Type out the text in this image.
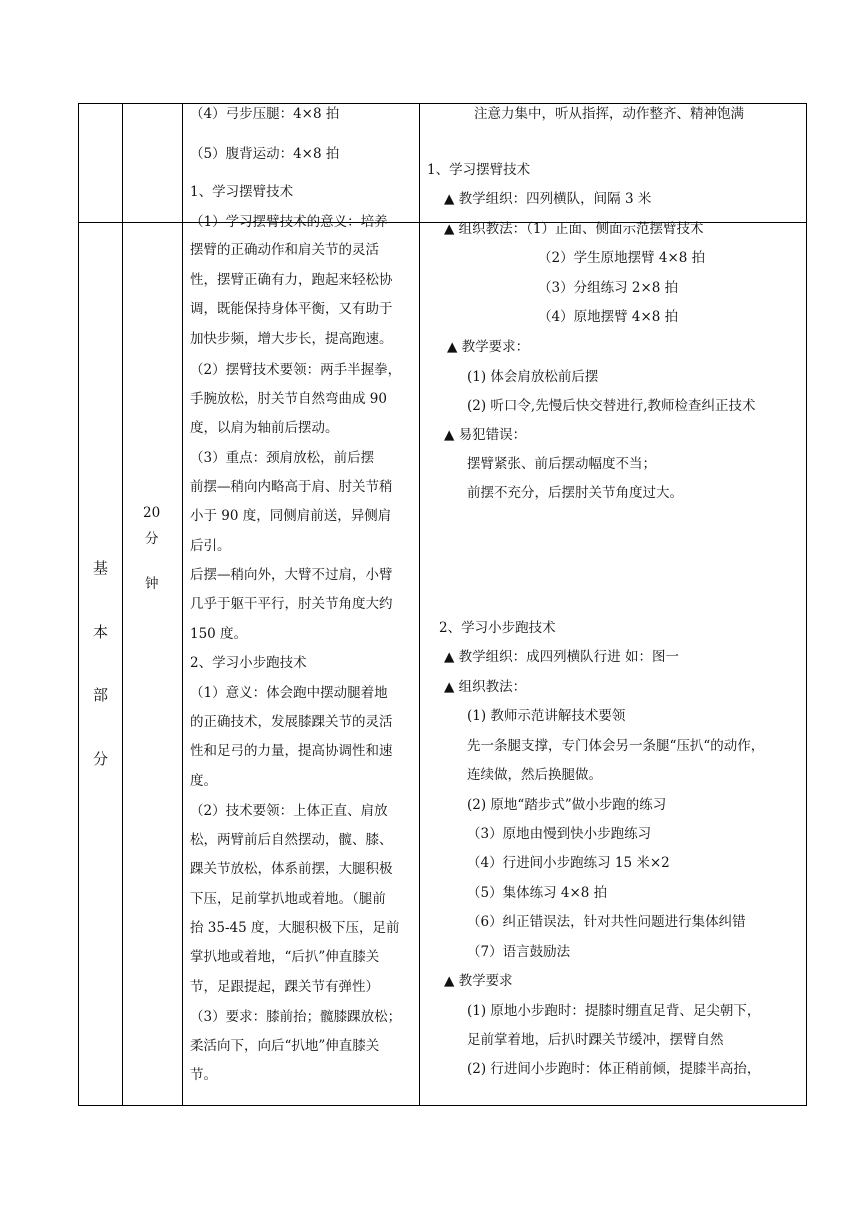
基
本
部
分
20
分
钟
（4）弓步压腿：4×8 拍
（5）腹背运动：4×8 拍
1、学习摆臂技术
（1）学习摆臂技术的意义：培养
摆臂的正确动作和肩关节的灵活
性，摆臂正确有力，跑起来轻松协
调，既能保持身体平衡，又有助于
加快步频，增大步长，提高跑速。
（2）摆臂技术要领：两手半握拳，
手腕放松，肘关节自然弯曲成 90
度，以肩为轴前后摆动。
（3）重点：颈肩放松，前后摆
前摆—稍向内略高于肩、肘关节稍
小于 90 度，同侧肩前送，异侧肩
后引。
后摆—稍向外，大臂不过肩，小臂
几乎于躯干平行，肘关节角度大约
150 度。
2、学习小步跑技术
（1）意义：体会跑中摆动腿着地
的正确技术，发展膝踝关节的灵活
性和足弓的力量，提高协调性和速
度。
（2）技术要领：上体正直、肩放
松，两臂前后自然摆动，髋、膝、
踝关节放松，体系前摆，大腿积极
下压，足前掌扒地或着地。（腿前
抬 35-45 度，大腿积极下压，足前
掌扒地或着地，“后扒”伸直膝关
节，足跟提起，踝关节有弹性）
（3）要求：膝前抬；髋膝踝放松；
柔活向下，向后“扒地”伸直膝关
节。
注意力集中，听从指挥，动作整齐、精神饱满
1、学习摆臂技术
▲ 教学组织：四列横队，间隔 3 米
▲ 组织教法：（1）正面、侧面示范摆臂技术
（2）学生原地摆臂 4×8 拍
（3）分组练习 2×8 拍
（4）原地摆臂 4×8 拍
▲ 教学要求：
(1) 体会肩放松前后摆
(2) 听口令,先慢后快交替进行,教师检查纠正技术
▲ 易犯错误：
摆臂紧张、前后摆动幅度不当；
前摆不充分，后摆肘关节角度过大。
2、学习小步跑技术
▲ 教学组织：成四列横队行进 如：图一
▲ 组织教法：
(1) 教师示范讲解技术要领
先一条腿支撑，专门体会另一条腿“压扒“的动作，
连续做，然后换腿做。
(2) 原地“踏步式”做小步跑的练习
（3）原地由慢到快小步跑练习
（4）行进间小步跑练习 15 米×2
（5）集体练习 4×8 拍
（6）纠正错误法，针对共性问题进行集体纠错
（7）语言鼓励法
▲ 教学要求
(1) 原地小步跑时：提膝时绷直足背、足尖朝下，
足前掌着地，后扒时踝关节缓冲，摆臂自然
(2) 行进间小步跑时：体正稍前倾，提膝半高抬，
